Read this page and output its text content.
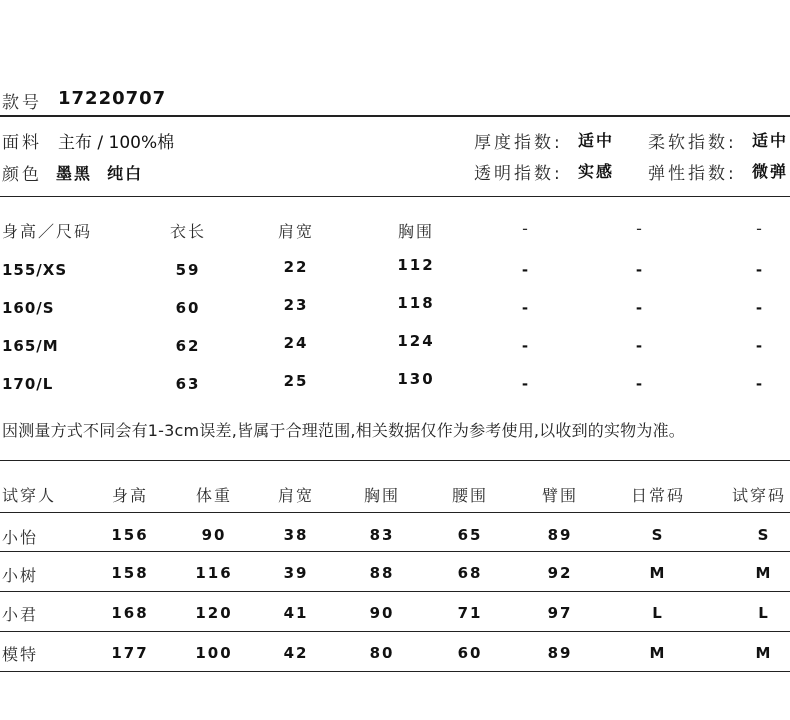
款号 17220707
面料 主布 / 100%棉
颜色 墨黑  纯白
厚度指数: 适中 柔软指数: 适中
透明指数: 实感 弹性指数: 微弹
身高／尺码	衣长	肩宽	胸围	-	-	-
155/XS	59	22	112	-	-	-
160/S	60	23	118	-	-	-
165/M	62	24	124	-	-	-
170/L	63	25	130	-	-	-
因测量方式不同会有1-3cm误差,皆属于合理范围,相关数据仅作为参考使用,以收到的实物为准。
试穿人	身高	体重	肩宽	胸围	腰围	臂围	日常码	试穿码
小怡	156	90	38	83	65	89	S	S
小树	158	116	39	88	68	92	M	M
小君	168	120	41	90	71	97	L	L
模特	177	100	42	80	60	89	M	M
